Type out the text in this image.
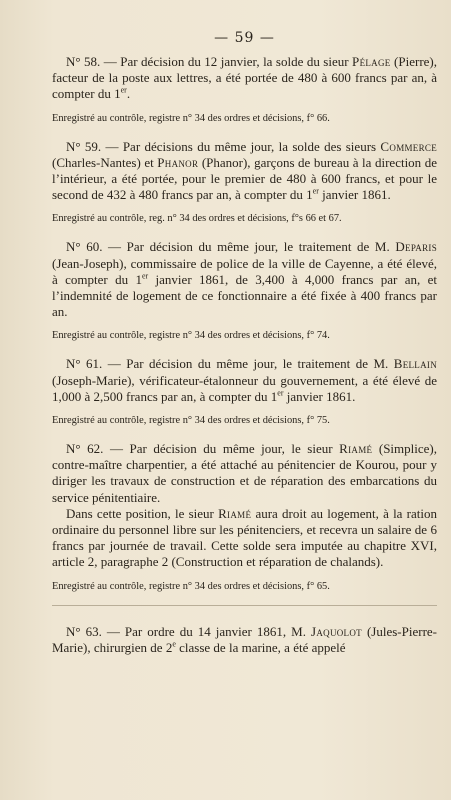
— 59 —

N° 58. — Par décision du 12 janvier, la solde du sieur Pélage (Pierre), facteur de la poste aux lettres, a été portée de 480 à 600 francs par an, à compter du 1er.

Enregistré au contrôle, registre n° 34 des ordres et décisions, f° 66.

N° 59. — Par décisions du même jour, la solde des sieurs Commerce (Charles-Nantes) et Phanor (Phanor), garçons de bureau à la direction de l’intérieur, a été portée, pour le premier de 480 à 600 francs, et pour le second de 432 à 480 francs par an, à compter du 1er janvier 1861.

Enregistré au contrôle, reg. n° 34 des ordres et décisions, f°s 66 et 67.

N° 60. — Par décision du même jour, le traitement de M. Deparis (Jean-Joseph), commissaire de police de la ville de Cayenne, a été élevé, à compter du 1er janvier 1861, de 3,400 à 4,000 francs par an, et l’indemnité de logement de ce fonctionnaire a été fixée à 400 francs par an.

Enregistré au contrôle, registre n° 34 des ordres et décisions, f° 74.

N° 61. — Par décision du même jour, le traitement de M. Bellain (Joseph-Marie), vérificateur-étalonneur du gouvernement, a été élevé de 1,000 à 2,500 francs par an, à compter du 1er janvier 1861.

Enregistré au contrôle, registre n° 34 des ordres et décisions, f° 75.

N° 62. — Par décision du même jour, le sieur Riamé (Simplice), contre-maître charpentier, a été attaché au pénitencier de Kourou, pour y diriger les travaux de construction et de réparation des embarcations du service pénitentiaire.

Dans cette position, le sieur Riamé aura droit au logement, à la ration ordinaire du personnel libre sur les pénitenciers, et recevra un salaire de 6 francs par journée de travail. Cette solde sera imputée au chapitre XVI, article 2, paragraphe 2 (Construction et réparation de chalands).

Enregistré au contrôle, registre n° 34 des ordres et décisions, f° 65.

N° 63. — Par ordre du 14 janvier 1861, M. Jaquolot (Jules-Pierre-Marie), chirurgien de 2e classe de la marine, a été appelé
